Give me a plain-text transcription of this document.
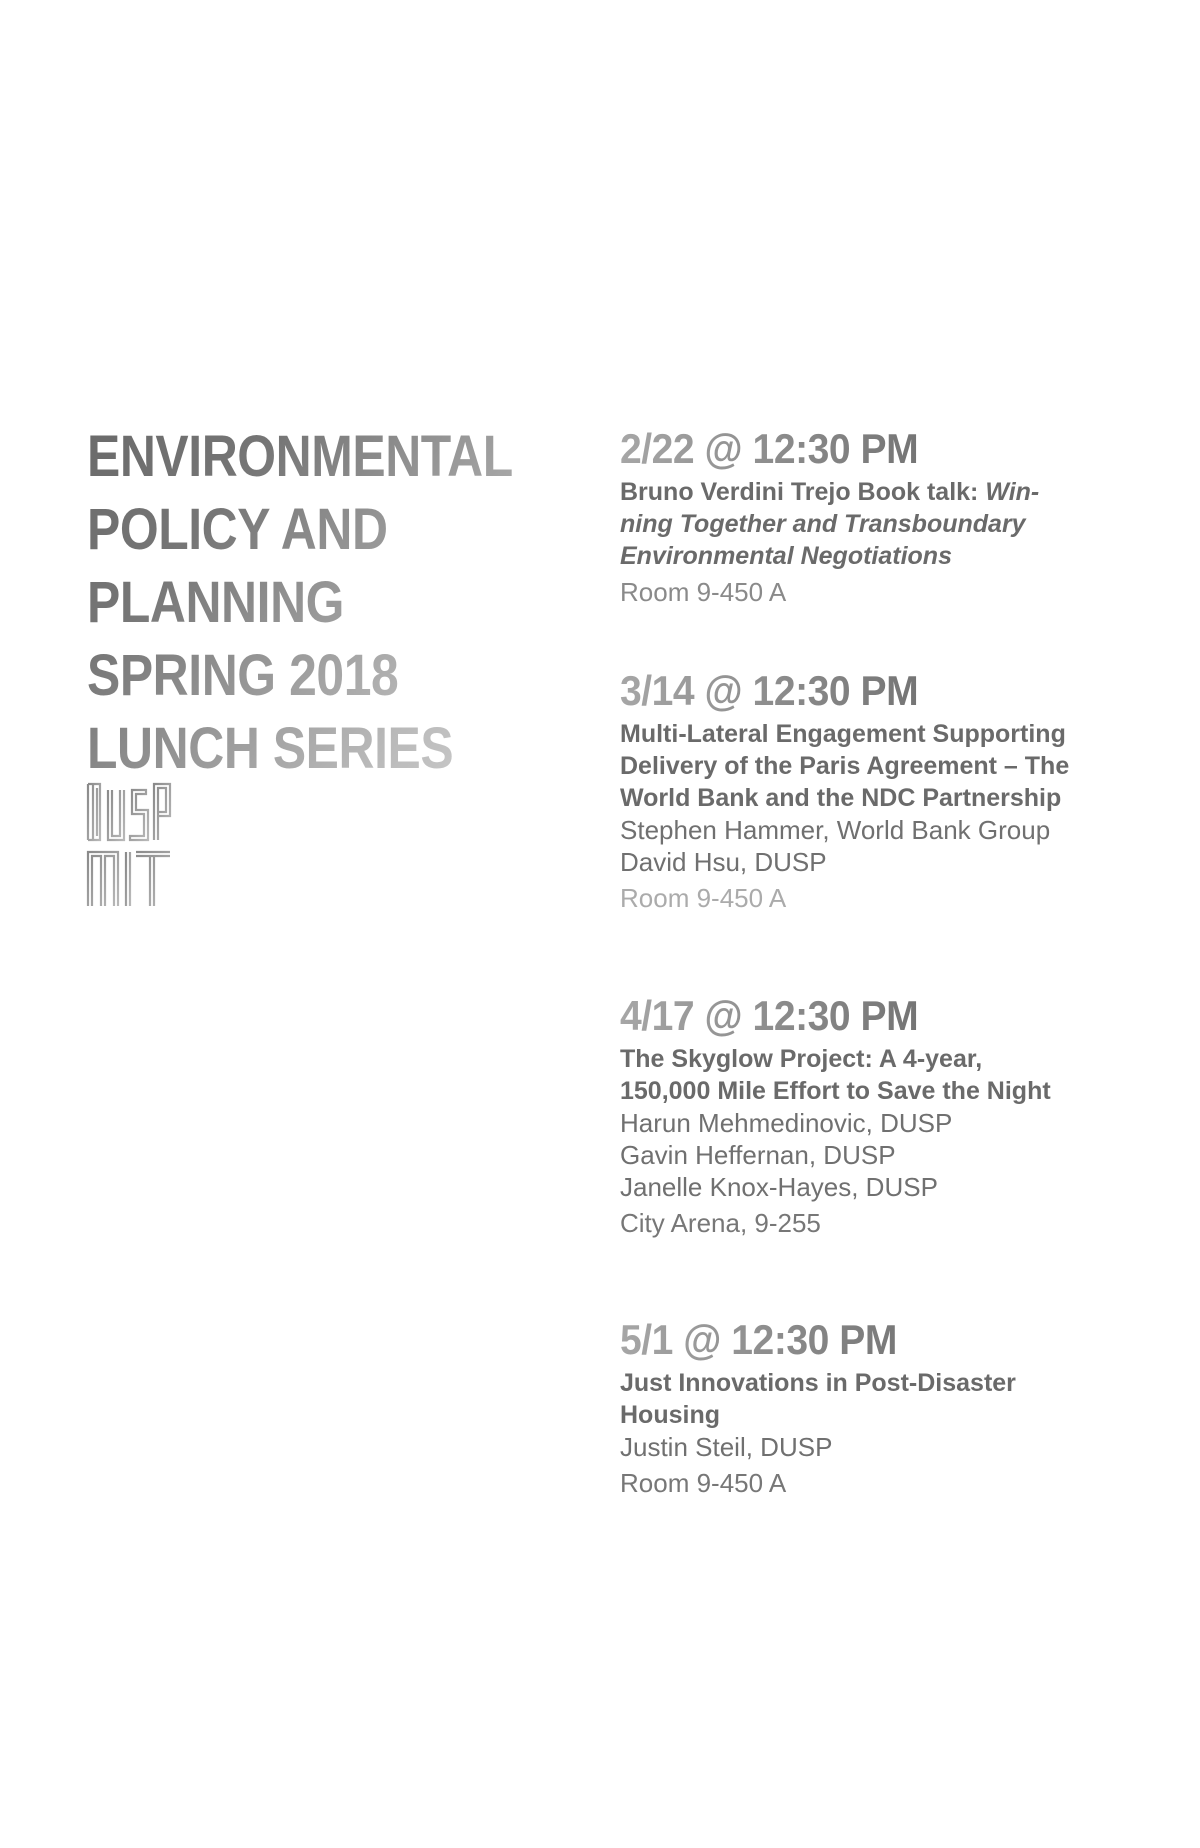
ENVIRONMENTAL
POLICY AND
PLANNING
SPRING 2018
LUNCH SERIES
2/22 @ 12:30 PM

Bruno Verdini Trejo Book talk: Win-
ning Together and Transboundary
Environmental Negotiations

Room 9-450 A

3/14 @ 12:30 PM

Multi-Lateral Engagement Supporting
Delivery of the Paris Agreement – The
World Bank and the NDC Partnership

Stephen Hammer, World Bank Group
David Hsu, DUSP

Room 9-450 A

4/17 @ 12:30 PM

The Skyglow Project: A 4-year,
150,000 Mile Effort to Save the Night

Harun Mehmedinovic, DUSP
Gavin Heffernan, DUSP
Janelle Knox-Hayes, DUSP

City Arena, 9-255

5/1 @ 12:30 PM

Just Innovations in Post-Disaster
Housing

Justin Steil, DUSP

Room 9-450 A
